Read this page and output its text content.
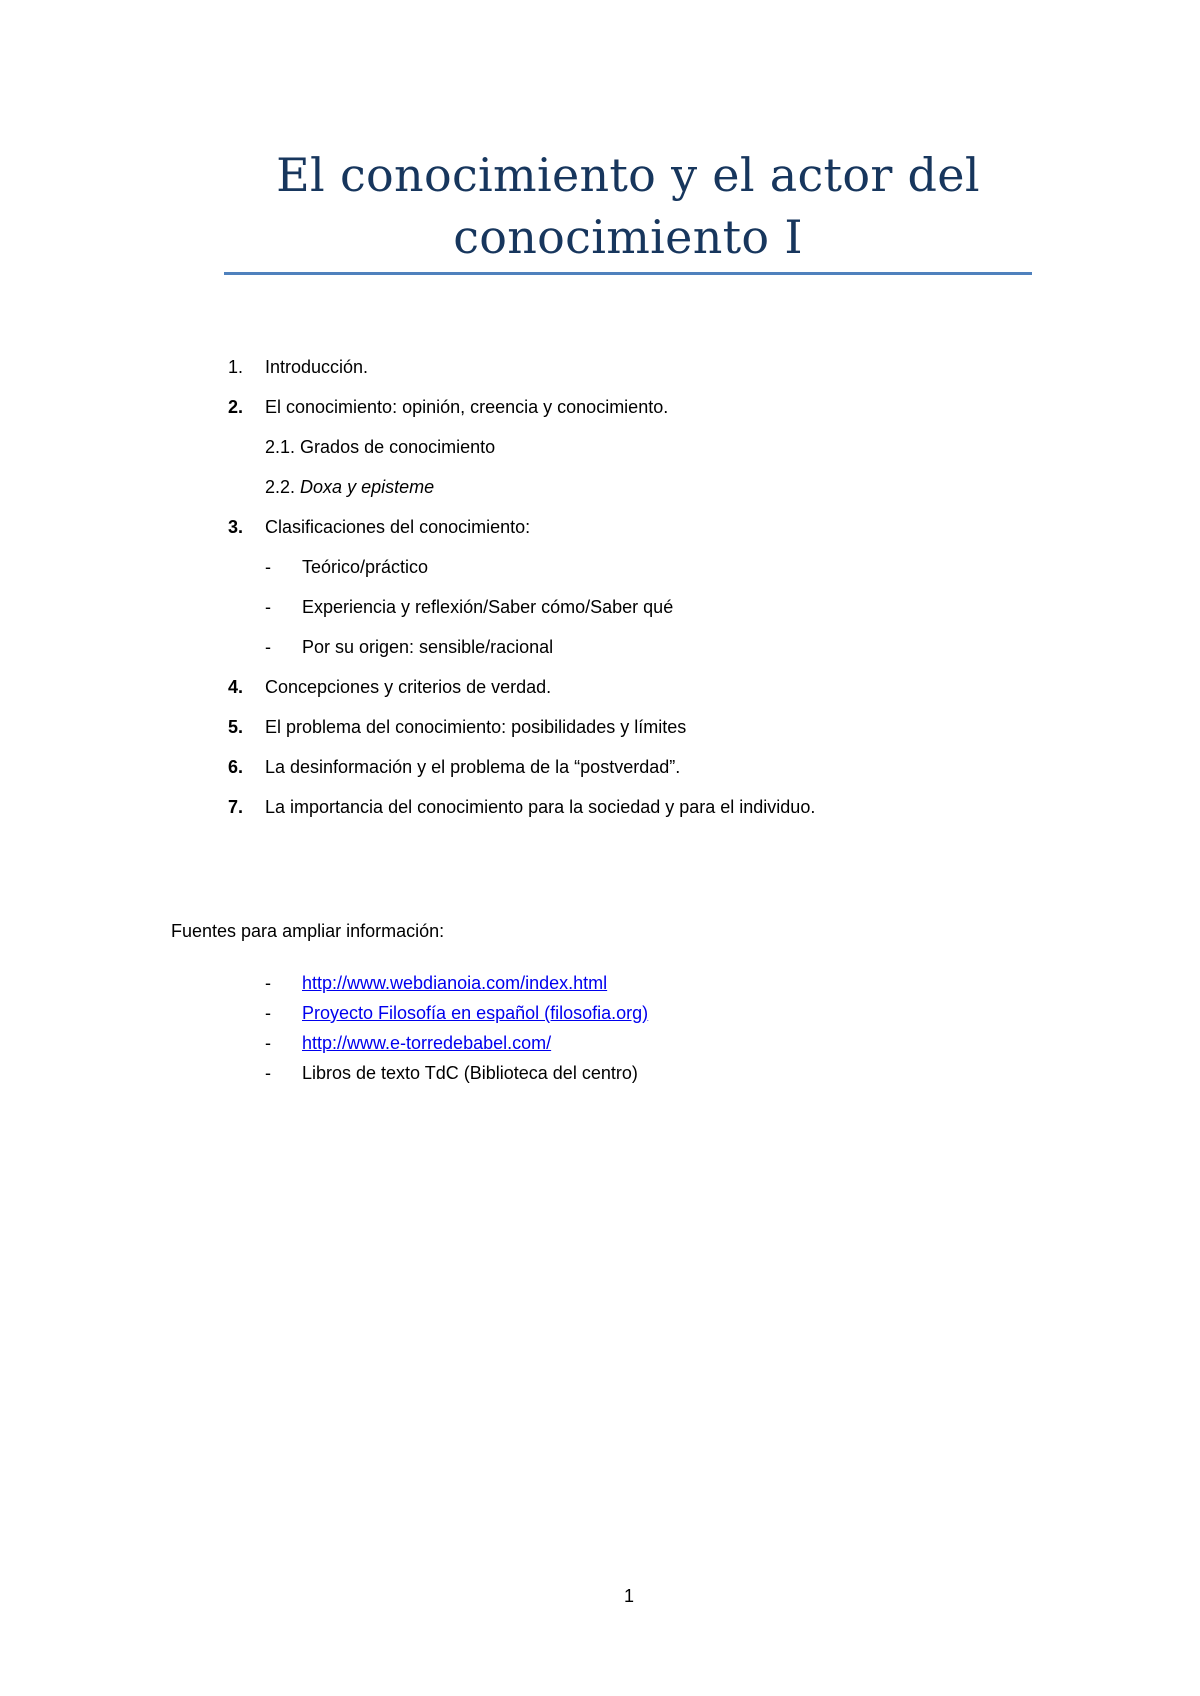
El conocimiento y el actor del
conocimiento I
1. Introducción.
2. El conocimiento: opinión, creencia y conocimiento.
2.1. Grados de conocimiento
2.2. Doxa y episteme
3. Clasificaciones del conocimiento:
- Teórico/práctico
- Experiencia y reflexión/Saber cómo/Saber qué
- Por su origen: sensible/racional
4. Concepciones y criterios de verdad.
5. El problema del conocimiento: posibilidades y límites
6. La desinformación y el problema de la “postverdad”.
7. La importancia del conocimiento para la sociedad y para el individuo.
Fuentes para ampliar información:
- http://www.webdianoia.com/index.html
- Proyecto Filosofía en español (filosofia.org)
- http://www.e-torredebabel.com/
- Libros de texto TdC (Biblioteca del centro)
1
